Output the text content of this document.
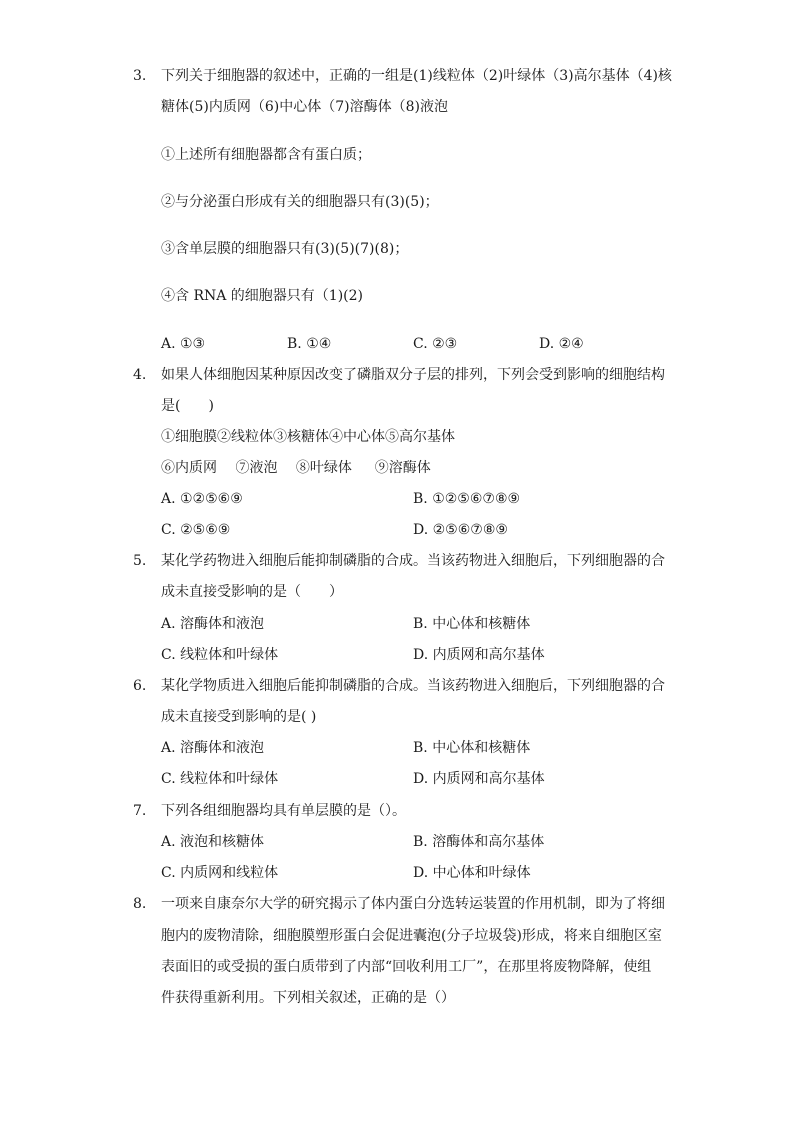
3. 下列关于细胞器的叙述中，正确的一组是(1)线粒体（2)叶绿体（3)高尔基体（4)核
糖体(5)内质网（6)中心体（7)溶酶体（8)液泡
①上述所有细胞器都含有蛋白质；
②与分泌蛋白形成有关的细胞器只有(3)(5)；
③含单层膜的细胞器只有(3)(5)(7)(8)；
④含 RNA 的细胞器只有（1)(2)
A. ①③	B. ①④	C. ②③	D. ②④
4. 如果人体细胞因某种原因改变了磷脂双分子层的排列，下列会受到影响的细胞结构
是(　　)
①细胞膜②线粒体③核糖体④中心体⑤高尔基体
⑥内质网　 ⑦液泡 　⑧叶绿体 　 ⑨溶酶体
A. ①②⑤⑥⑨	B. ①②⑤⑥⑦⑧⑨
C. ②⑤⑥⑨	D. ②⑤⑥⑦⑧⑨
5. 某化学药物进入细胞后能抑制磷脂的合成。当该药物进入细胞后，下列细胞器的合
成未直接受影响的是（　　）
A. 溶酶体和液泡	B. 中心体和核糖体
C. 线粒体和叶绿体	D. 内质网和高尔基体
6. 某化学物质进入细胞后能抑制磷脂的合成。当该药物进入细胞后，下列细胞器的合
成未直接受到影响的是( )
A. 溶酶体和液泡	B. 中心体和核糖体
C. 线粒体和叶绿体	D. 内质网和高尔基体
7. 下列各组细胞器均具有单层膜的是（）。
A. 液泡和核糖体	B. 溶酶体和高尔基体
C. 内质网和线粒体	D. 中心体和叶绿体
8. 一项来自康奈尔大学的研究揭示了体内蛋白分选转运装置的作用机制，即为了将细
胞内的废物清除，细胞膜塑形蛋白会促进囊泡(分子垃圾袋)形成，将来自细胞区室
表面旧的或受损的蛋白质带到了内部“回收利用工厂”，在那里将废物降解，使组
件获得重新利用。下列相关叙述，正确的是（）
